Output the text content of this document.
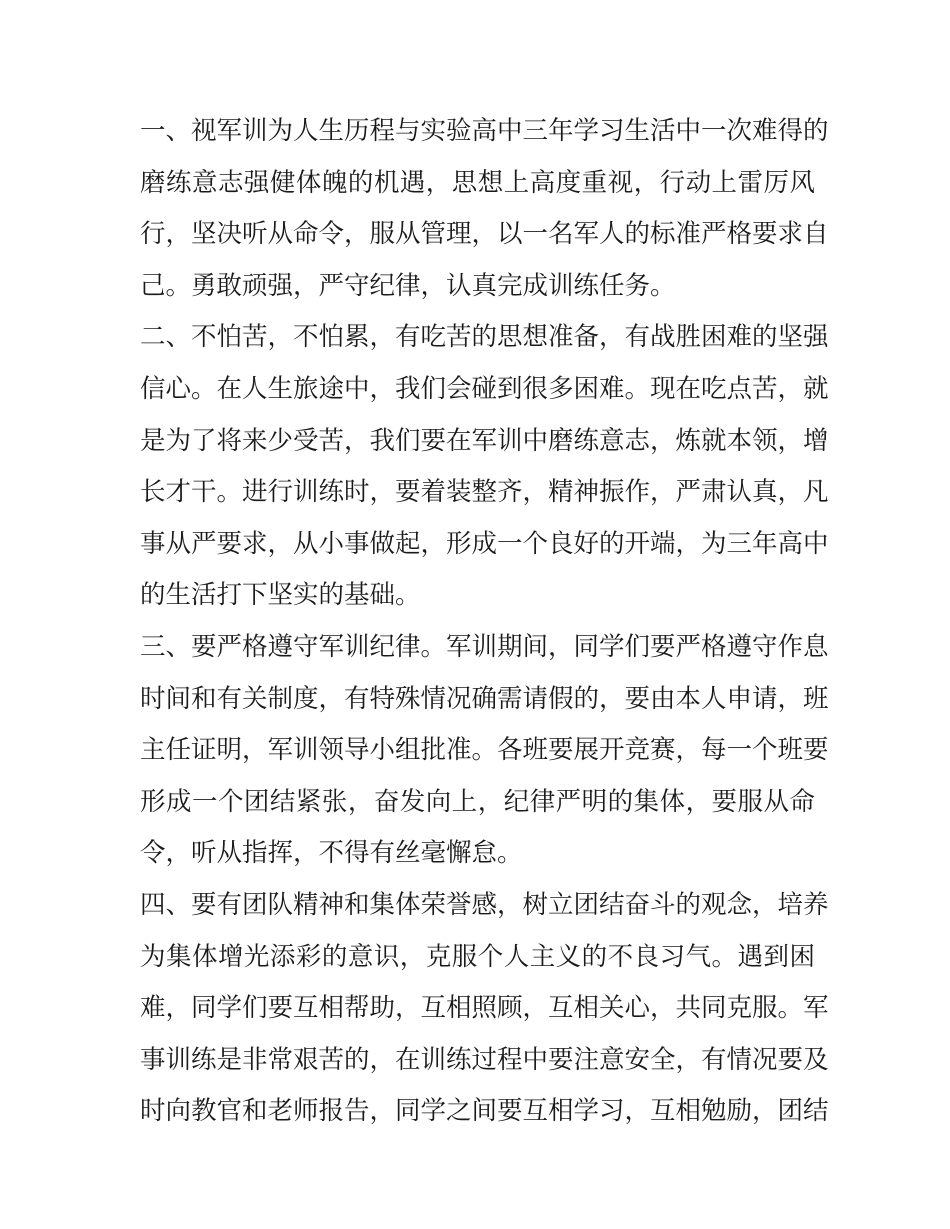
一、视军训为人生历程与实验高中三年学习生活中一次难得的
磨练意志强健体魄的机遇，思想上高度重视，行动上雷厉风
行，坚决听从命令，服从管理，以一名军人的标准严格要求自
己。勇敢顽强，严守纪律，认真完成训练任务。
二、不怕苦，不怕累，有吃苦的思想准备，有战胜困难的坚强
信心。在人生旅途中，我们会碰到很多困难。现在吃点苦，就
是为了将来少受苦，我们要在军训中磨练意志，炼就本领，增
长才干。进行训练时，要着装整齐，精神振作，严肃认真，凡
事从严要求，从小事做起，形成一个良好的开端，为三年高中
的生活打下坚实的基础。
三、要严格遵守军训纪律。军训期间，同学们要严格遵守作息
时间和有关制度，有特殊情况确需请假的，要由本人申请，班
主任证明，军训领导小组批准。各班要展开竞赛，每一个班要
形成一个团结紧张，奋发向上，纪律严明的集体，要服从命
令，听从指挥，不得有丝毫懈怠。
四、要有团队精神和集体荣誉感，树立团结奋斗的观念，培养
为集体增光添彩的意识，克服个人主义的不良习气。遇到困
难，同学们要互相帮助，互相照顾，互相关心，共同克服。军
事训练是非常艰苦的，在训练过程中要注意安全，有情况要及
时向教官和老师报告，同学之间要互相学习，互相勉励，团结
